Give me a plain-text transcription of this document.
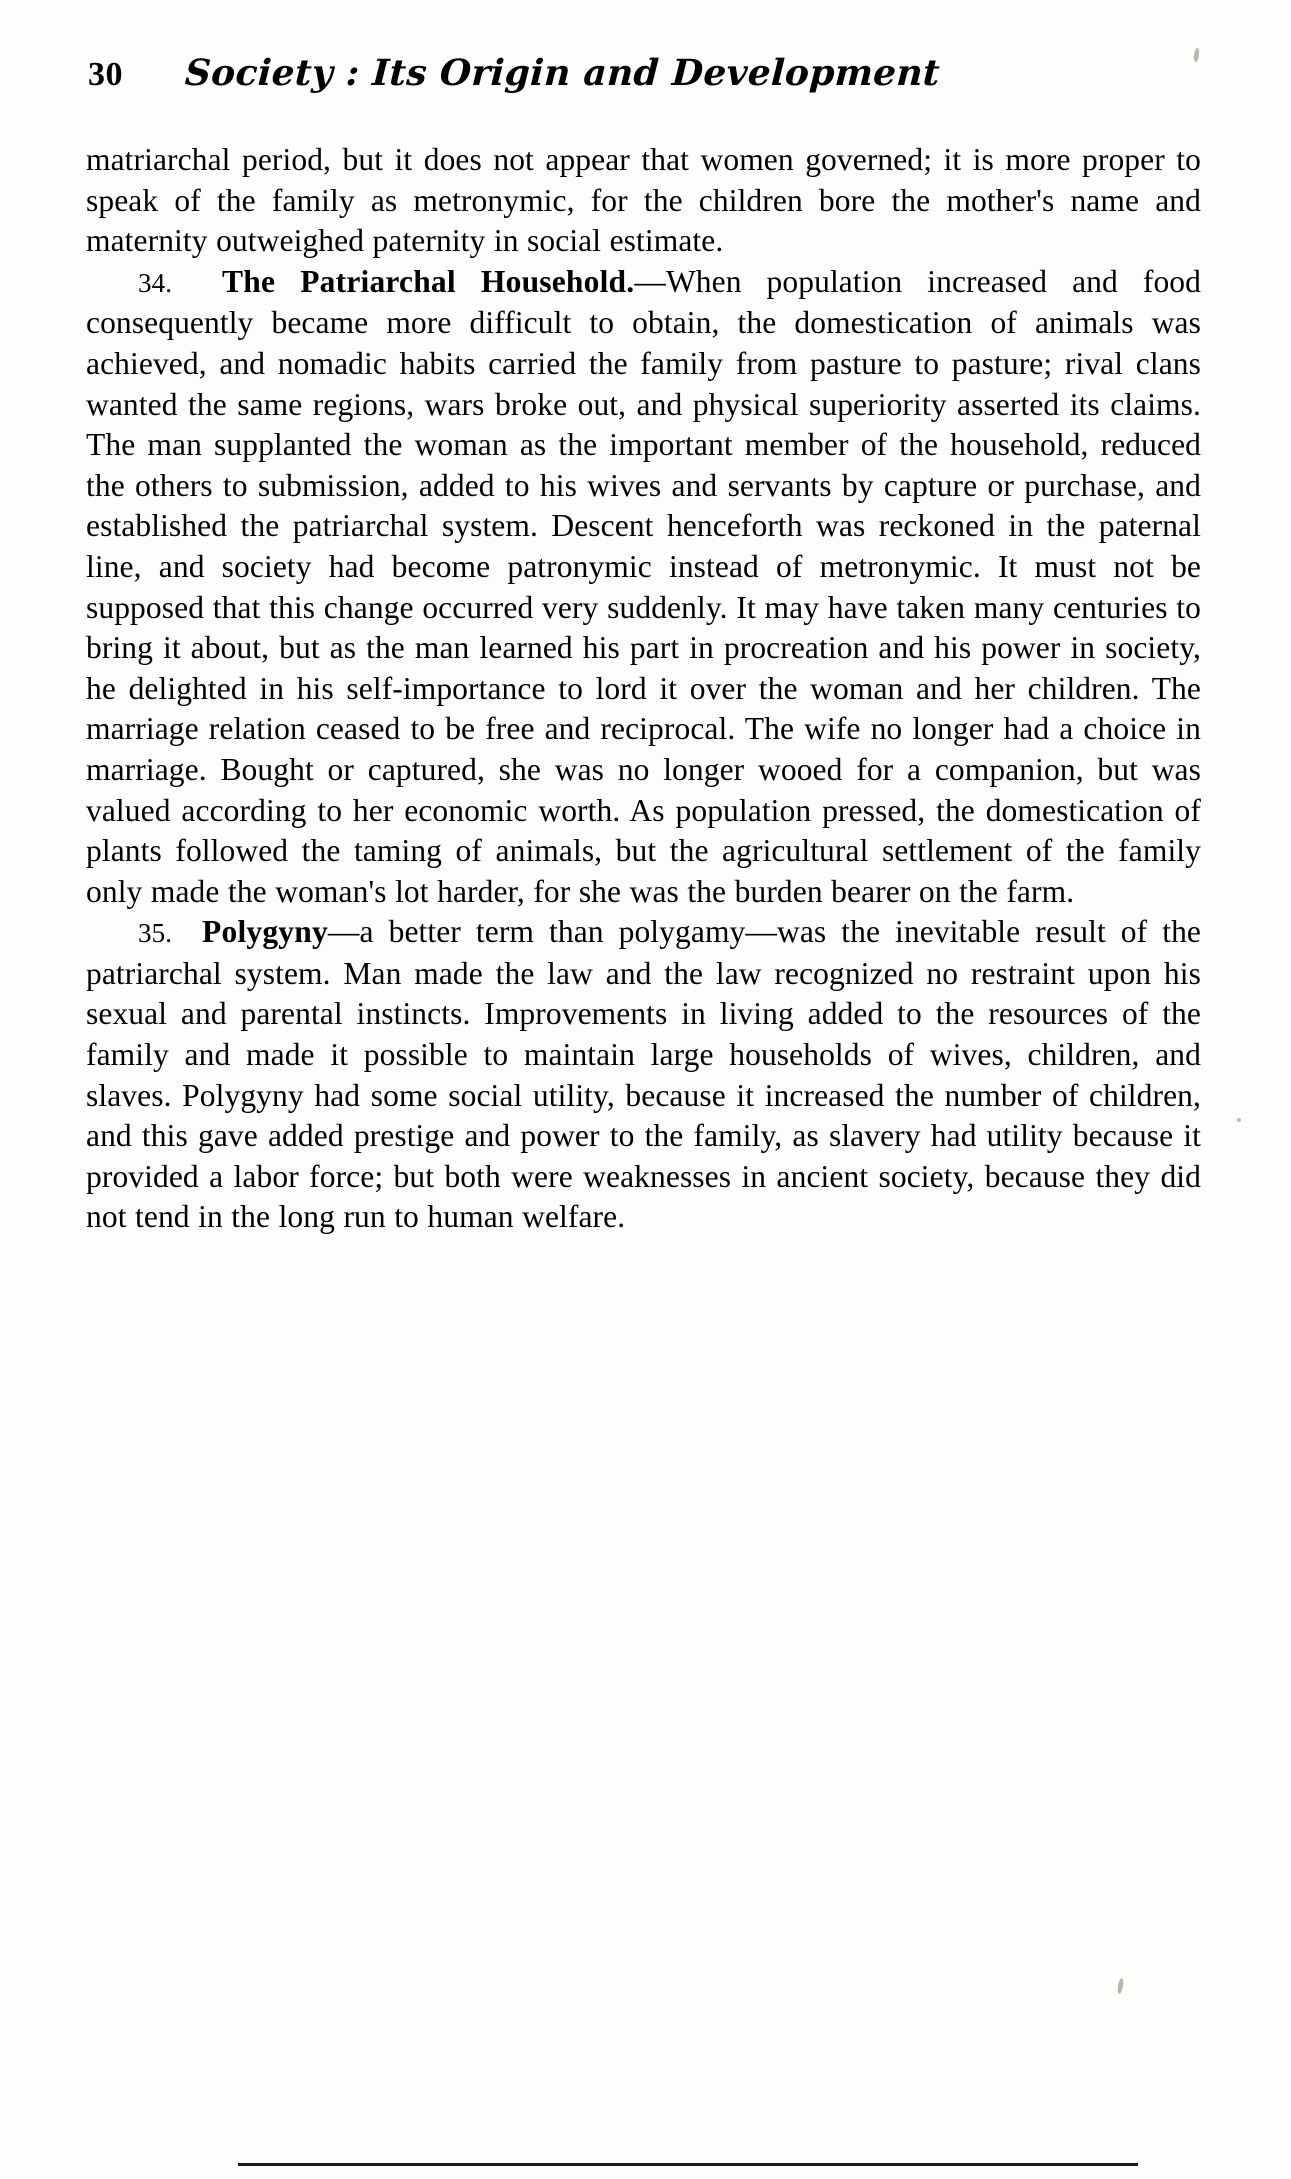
30 Society : Its Origin and Development

matriarchal period, but it does not appear that women governed; it is more proper to speak of the family as metronymic, for the children bore the mother's name and maternity outweighed paternity in social estimate.

34. The Patriarchal Household.—When population increased and food consequently became more difficult to obtain, the domestication of animals was achieved, and nomadic habits carried the family from pasture to pasture; rival clans wanted the same regions, wars broke out, and physical superiority asserted its claims. The man supplanted the woman as the important member of the household, reduced the others to submission, added to his wives and servants by capture or purchase, and established the patriarchal system. Descent henceforth was reckoned in the paternal line, and society had become patronymic instead of metronymic. It must not be supposed that this change occurred very suddenly. It may have taken many centuries to bring it about, but as the man learned his part in procreation and his power in society, he delighted in his self-importance to lord it over the woman and her children. The marriage relation ceased to be free and reciprocal. The wife no longer had a choice in marriage. Bought or captured, she was no longer wooed for a companion, but was valued according to her economic worth. As population pressed, the domestication of plants followed the taming of animals, but the agricultural settlement of the family only made the woman's lot harder, for she was the burden bearer on the farm.

35. Polygyny—a better term than polygamy—was the inevitable result of the patriarchal system. Man made the law and the law recognized no restraint upon his sexual and parental instincts. Improvements in living added to the resources of the family and made it possible to maintain large households of wives, children, and slaves. Polygyny had some social utility, because it increased the number of children, and this gave added prestige and power to the family, as slavery had utility because it provided a labor force; but both were weaknesses in ancient society, because they did not tend in the long run to human welfare.
